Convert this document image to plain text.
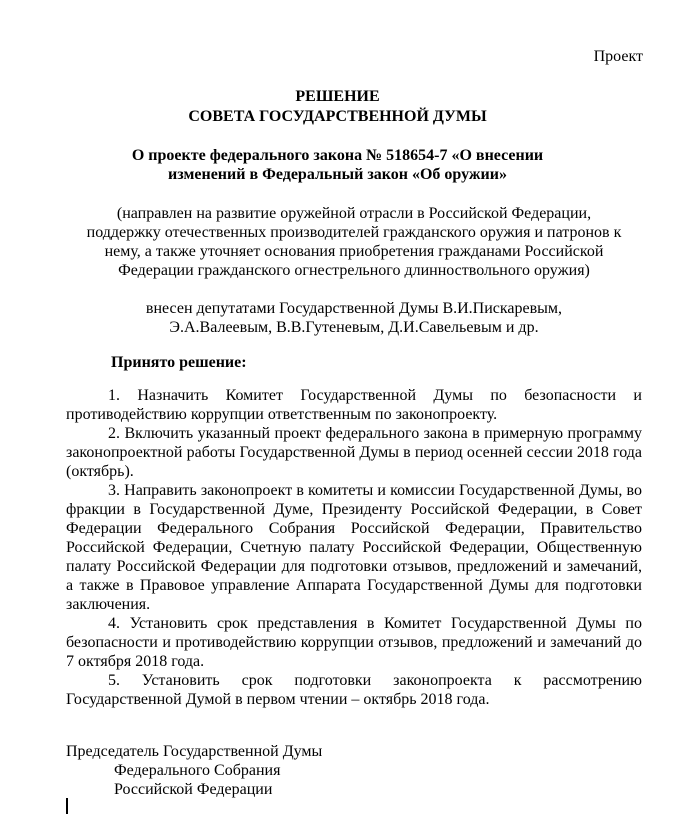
Проект
РЕШЕНИЕ
СОВЕТА ГОСУДАРСТВЕННОЙ ДУМЫ
О проекте федерального закона № 518654-7 «О внесении
изменений в Федеральный закон «Об оружии»
(направлен на развитие оружейной отрасли в Российской Федерации,
поддержку отечественных производителей гражданского оружия и патронов к
нему, а также уточняет основания приобретения гражданами Российской
Федерации гражданского огнестрельного длинноствольного оружия)
внесен депутатами Государственной Думы В.И.Пискаревым,
Э.А.Валеевым, В.В.Гутеневым, Д.И.Савельевым и др.
Принято решение:

1. Назначить Комитет Государственной Думы по безопасности и противодействию коррупции ответственным по законопроекту.

2. Включить указанный проект федерального закона в примерную программу законопроектной работы Государственной Думы в период осенней сессии 2018 года (октябрь).

3. Направить законопроект в комитеты и комиссии Государственной Думы, во фракции в Государственной Думе, Президенту Российской Федерации, в Совет Федерации Федерального Собрания Российской Федерации, Правительство Российской Федерации, Счетную палату Российской Федерации, Общественную палату Российской Федерации для подготовки отзывов, предложений и замечаний, а также в Правовое управление Аппарата Государственной Думы для подготовки заключения.

4. Установить срок представления в Комитет Государственной Думы по безопасности и противодействию коррупции отзывов, предложений и замечаний до 7 октября 2018 года.

5. Установить срок подготовки законопроекта к рассмотрению Государственной Думой в первом чтении – октябрь 2018 года.

Председатель Государственной Думы
Федерального Собрания
Российской Федерации
